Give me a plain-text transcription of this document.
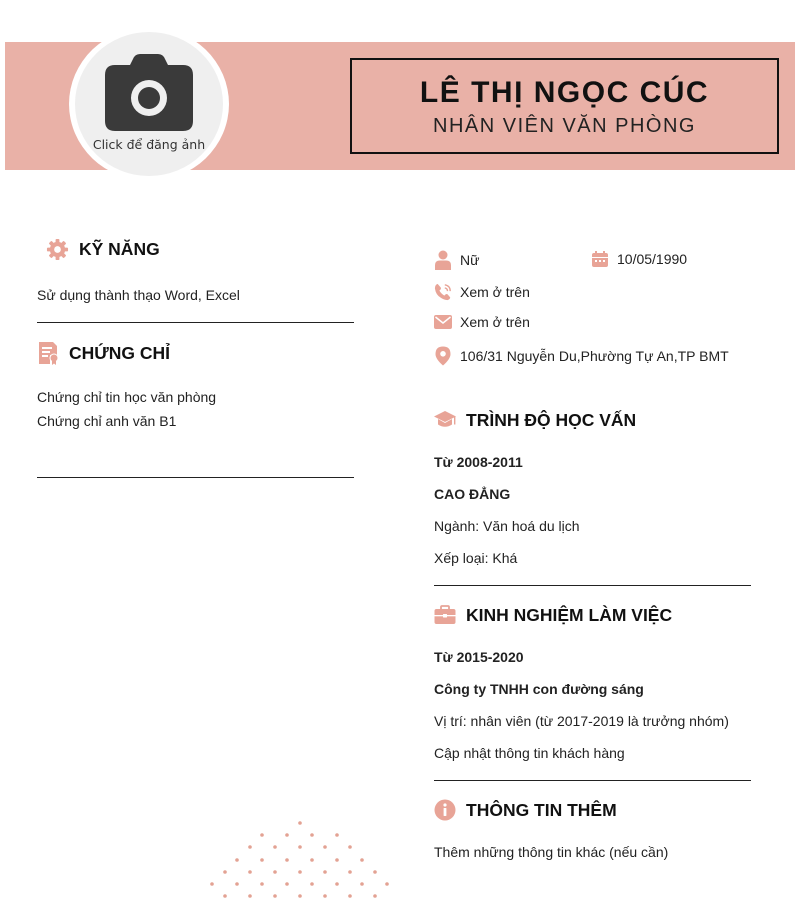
Click để đăng ảnh
LÊ THỊ NGỌC CÚC
NHÂN VIÊN VĂN PHÒNG
KỸ NĂNG
Sử dụng thành thạo Word, Excel
CHỨNG CHỈ
Chứng chỉ tin học văn phòng
Chứng chỉ anh văn B1
Nữ	10/05/1990
Xem ở trên
Xem ở trên
106/31 Nguyễn Du,Phường Tự An,TP BMT
TRÌNH ĐỘ HỌC VẤN
Từ 2008-2011
CAO ĐẲNG
Ngành: Văn hoá du lịch
Xếp loại: Khá
KINH NGHIỆM LÀM VIỆC
Từ 2015-2020
Công ty TNHH con đường sáng
Vị trí: nhân viên (từ 2017-2019 là trưởng nhóm)
Cập nhật thông tin khách hàng
THÔNG TIN THÊM
Thêm những thông tin khác (nếu cần)
